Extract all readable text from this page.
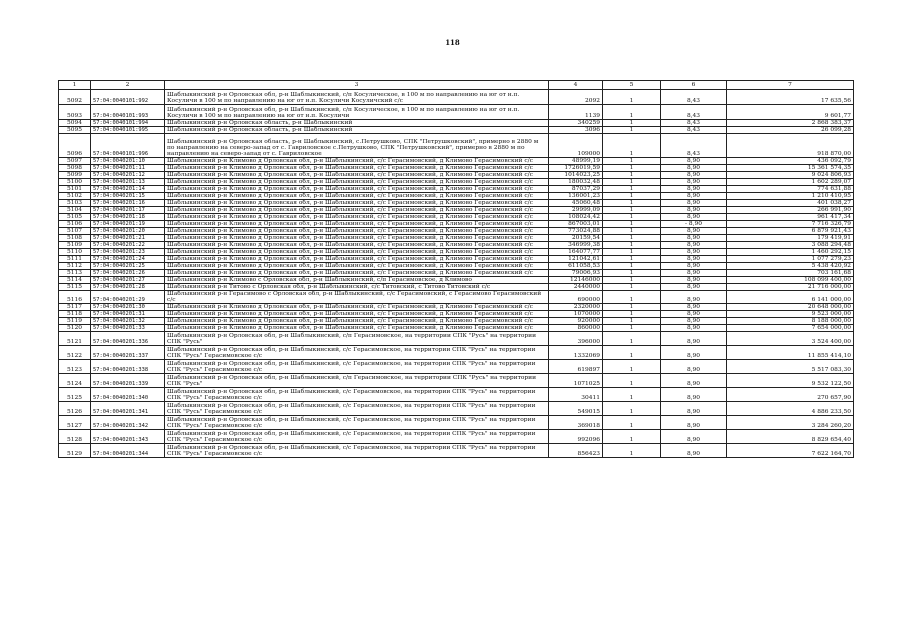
118
1	2	3	4	5	6	7
5092	57:04:0040101:992	Шаблыкинский р-н Орловская обл, р-н Шаблыкинский, с/п Косулическое, в 100 м по направлению на юг от н.п. Косуличи в 100 м по направлению на юг от н.п. Косуличи Косуличский с/с	2092	1	8,43	17 635,56
5093	57:04:0040101:993	Шаблыкинский р-н Орловская обл, р-н Шаблыкинский, с/п Косулическое, в 100 м по направлению на юг от н.п. Косуличи в 100 м по направлению на юг от н.п. Косуличи	1139	1	8,43	9 601,77
5094	57:04:0040101:994	Шаблыкинский р-н Орловская область, р-н Шаблыкинский	340259	1	8,43	2 868 383,37
5095	57:04:0040101:995	Шаблыкинский р-н Орловская область, р-н Шаблыкинский	3096	1	8,43	26 099,28
5096	57:04:0040101:996	Шаблыкинский р-н Орловская область, р-н Шаблыкинский, с.Петрушково, СПК "Петрушковский", примерно в 2880 м по направлению на северо-запад от с. Гавриловское с.Петрушково, СПК "Петрушковский", примерно в 2880 м по направлению на северо-запад от с. Гавриловское	109000	1	8,43	918 870,00
5097	57:04:0040201:10	Шаблыкинский р-н Климово д Орловская обл, р-н Шаблыкинский, с/с Герасимовский, д Климово Герасимовский с/с	48999,19	1	8,90	436 092,79
5098	57:04:0040201:11	Шаблыкинский р-н Климово д Орловская обл, р-н Шаблыкинский, с/с Герасимовский, д Климово Герасимовский с/с	1726019,59	1	8,90	15 361 574,35
5099	57:04:0040201:12	Шаблыкинский р-н Климово д Орловская обл, р-н Шаблыкинский, с/с Герасимовский, д Климово Герасимовский с/с	1014023,25	1	8,90	9 024 806,93
5100	57:04:0040201:13	Шаблыкинский р-н Климово д Орловская обл, р-н Шаблыкинский, с/с Герасимовский, д Климово Герасимовский с/с	180032,48	1	8,90	1 602 289,07
5101	57:04:0040201:14	Шаблыкинский р-н Климово д Орловская обл, р-н Шаблыкинский, с/с Герасимовский, д Климово Герасимовский с/с	87037,29	1	8,90	774 631,88
5102	57:04:0040201:15	Шаблыкинский р-н Климово д Орловская обл, р-н Шаблыкинский, с/с Герасимовский, д Климово Герасимовский с/с	136001,23	1	8,90	1 210 410,95
5103	57:04:0040201:16	Шаблыкинский р-н Климово д Орловская обл, р-н Шаблыкинский, с/с Герасимовский, д Климово Герасимовский с/с	45060,48	1	8,90	401 038,27
5104	57:04:0040201:17	Шаблыкинский р-н Климово д Орловская обл, р-н Шаблыкинский, с/с Герасимовский, д Климово Герасимовский с/с	29999,09	1	8,90	266 991,90
5105	57:04:0040201:18	Шаблыкинский р-н Климово д Орловская обл, р-н Шаблыкинский, с/с Герасимовский, д Климово Герасимовский с/с	108024,42	1	8,90	961 417,34
5106	57:04:0040201:19	Шаблыкинский р-н Климово д Орловская обл, р-н Шаблыкинский, с/с Герасимовский, д Климово Герасимовский с/с	867003,01	1	- 8,90	7 716 326,79
5107	57:04:0040201:20	Шаблыкинский р-н Климово д Орловская обл, р-н Шаблыкинский, с/с Герасимовский, д Климово Герасимовский с/с	773024,88	1	8,90	6 879 921,43
5108	57:04:0040201:21	Шаблыкинский р-н Климово д Орловская обл, р-н Шаблыкинский, с/с Герасимовский, д Климово Герасимовский с/с	20159,54	1	8,90	179 419,91
5109	57:04:0040201:22	Шаблыкинский р-н Климово д Орловская обл, р-н Шаблыкинский, с/с Герасимовский, д Климово Герасимовский с/с	346999,38	1	8,90	3 088 294,48
5110	57:04:0040201:23	Шаблыкинский р-н Климово д Орловская обл, р-н Шаблыкинский, с/с Герасимовский, д Климово Герасимовский с/с	164077,77	1	8,90	1 460 292,15
5111	57:04:0040201:24	Шаблыкинский р-н Климово д Орловская обл, р-н Шаблыкинский, с/с Герасимовский, д Климово Герасимовский с/с	121042,61	1	8,90	1 077 279,23
5112	57:04:0040201:25	Шаблыкинский р-н Климово д Орловская обл, р-н Шаблыкинский, с/с Герасимовский, д Климово Герасимовский с/с	611058,53	1	8,90	5 438 420,92
5113	57:04:0040201:26	Шаблыкинский р-н Климово д Орловская обл, р-н Шаблыкинский, с/с Герасимовский, д Климово Герасимовский с/с	79006,93	1	8,90	703 161,68
5114	57:04:0040201:27	Шаблыкинский р-н Климово с Орловская обл, р-н Шаблыкинский, с/п Герасимовское, д Климово	12146000	1	8,90	108 099 400,00
5115	57:04:0040201:28	Шаблыкинский р-н Титово с Орловская обл, р-н Шаблыкинский, с/с Титовский, с Титово Титовский с/с	2440000	1	8,90	21 716 000,00
5116	57:04:0040201:29	Шаблыкинский р-н Герасимово с Орловская обл, р-н Шаблыкинский, с/с Герасимовский, с Герасимово Герасимовский с/с	690000	1	8,90	6 141 000,00
5117	57:04:0040201:30	Шаблыкинский р-н Климово д Орловская обл, р-н Шаблыкинский, с/с Герасимовский, д Климово Герасимовский с/с	2320000	1	8,90	20 648 000,00
5118	57:04:0040201:31	Шаблыкинский р-н Климово д Орловская обл, р-н Шаблыкинский, с/с Герасимовский, д Климово Герасимовский с/с	1070000	1	8,90	9 523 000,00
5119	57:04:0040201:32	Шаблыкинский р-н Климово д Орловская обл, р-н Шаблыкинский, с/с Герасимовский, д Климово Герасимовский с/с	920000	1	8,90	8 188 000,00
5120	57:04:0040201:33	Шаблыкинский р-н Климово д Орловская обл, р-н Шаблыкинский, с/с Герасимовский, д Климово Герасимовский с/с	860000	1	8,90	7 654 000,00
5121	57:04:0040201:336	Шаблыкинский р-н Орловская обл, р-н Шаблыкинский, с/п Герасимовское, на территории СПК "Русь" на территории СПК "Русь"	396000	1	8,90	3 524 400,00
5122	57:04:0040201:337	Шаблыкинский р-н Орловская обл, р-н Шаблыкинский, с/с Герасимовское, на территории СПК "Русь" на территории СПК "Русь" Герасимовское с/с	1332069	1	8,90	11 855 414,10
5123	57:04:0040201:338	Шаблыкинский р-н Орловская обл, р-н Шаблыкинский, с/с Герасимовское, на территории СПК "Русь" на территории СПК "Русь" Герасимовское с/с	619897	1	8,90	5 517 083,30
5124	57:04:0040201:339	Шаблыкинский р-н Орловская обл, р-н Шаблыкинский, с/п Герасимовское, на территории СПК "Русь" на территории СПК "Русь"	1071025	1	8,90	9 532 122,50
5125	57:04:0040201:340	Шаблыкинский р-н Орловская обл, р-н Шаблыкинский, с/с Герасимовское, на территории СПК "Русь" на территории СПК "Русь" Герасимовское с/с	30411	1	8,90	270 657,90
5126	57:04:0040201:341	Шаблыкинский р-н Орловская обл, р-н Шаблыкинский, с/с Герасимовское, на территории СПК "Русь" на территории СПК "Русь" Герасимовское с/с	549015	1	8,90	4 886 233,50
5127	57:04:0040201:342	Шаблыкинский р-н Орловская обл, р-н Шаблыкинский, с/с Герасимовское, на территории СПК "Русь" на территории СПК "Русь" Герасимовское с/с	369018	1	8,90	3 284 260,20
5128	57:04:0040201:343	Шаблыкинский р-н Орловская обл, р-н Шаблыкинский, с/с Герасимовское, на территории СПК "Русь" на территории СПК "Русь" Герасимовское с/с	992096	1	8,90	8 829 654,40
5129	57:04:0040201:344	Шаблыкинский р-н Орловская обл, р-н Шаблыкинский, с/с Герасимовское, на территории СПК "Русь" на территории СПК "Русь" Герасимовское с/с	856423	1	8,90	7 622 164,70
